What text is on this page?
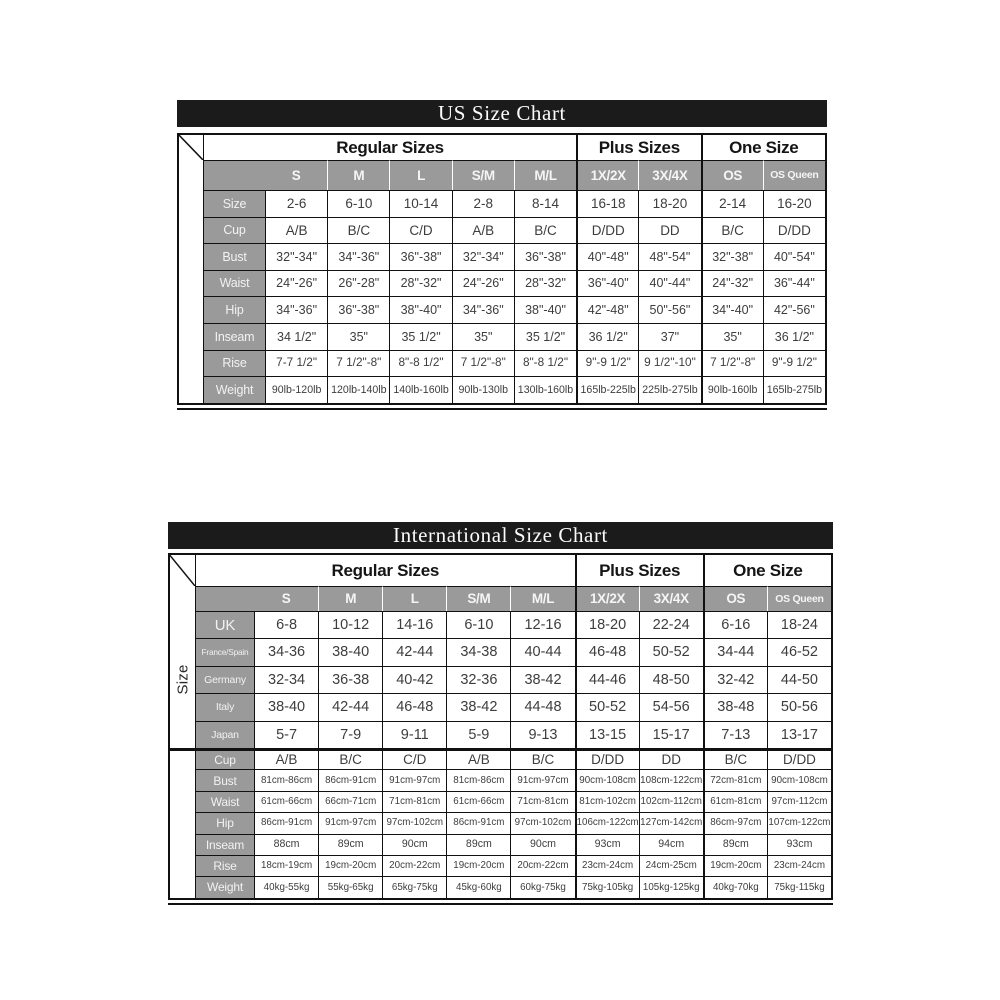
US Size Chart
Regular Sizes	Plus Sizes	One Size
S	M	L	S/M	M/L	1X/2X	3X/4X	OS	OS Queen
Size	2-6	6-10	10-14	2-8	8-14	16-18	18-20	2-14	16-20
Cup	A/B	B/C	C/D	A/B	B/C	D/DD	DD	B/C	D/DD
Bust	32"-34"	34"-36"	36"-38"	32"-34"	36"-38"	40"-48"	48"-54"	32"-38"	40"-54"
Waist	24"-26"	26"-28"	28"-32"	24"-26"	28"-32"	36"-40"	40"-44"	24"-32"	36"-44"
Hip	34"-36"	36"-38"	38"-40"	34"-36"	38"-40"	42"-48"	50"-56"	34"-40"	42"-56"
Inseam	34 1/2"	35"	35 1/2"	35"	35 1/2"	36 1/2"	37"	35"	36 1/2"
Rise	7-7 1/2"	7 1/2"-8"	8"-8 1/2"	7 1/2"-8"	8"-8 1/2"	9"-9 1/2"	9 1/2"-10"	7 1/2"-8"	9"-9 1/2"
Weight	90lb-120lb 120lb-140lb 140lb-160lb 90lb-130lb 130lb-160lb 165lb-225lb 225lb-275lb 90lb-160lb 165lb-275lb
International Size Chart
Size
Regular Sizes	Plus Sizes	One Size
S	M	L	S/M	M/L	1X/2X	3X/4X	OS	OS Queen
UK	6-8	10-12	14-16	6-10	12-16	18-20	22-24	6-16	18-24
France/Spain	34-36	38-40	42-44	34-38	40-44	46-48	50-52	34-44	46-52
Germany	32-34	36-38	40-42	32-36	38-42	44-46	48-50	32-42	44-50
Italy	38-40	42-44	46-48	38-42	44-48	50-52	54-56	38-48	50-56
Japan	5-7	7-9	9-11	5-9	9-13	13-15	15-17	7-13	13-17
Cup	A/B	B/C	C/D	A/B	B/C	D/DD	DD	B/C	D/DD
Bust	81cm-86cm	86cm-91cm	91cm-97cm	81cm-86cm	91cm-97cm	90cm-108cm 108cm-122cm 72cm-81cm 90cm-108cm
Waist	61cm-66cm	66cm-71cm	71cm-81cm	61cm-66cm	71cm-81cm	81cm-102cm 102cm-112cm 61cm-81cm	97cm-112cm
Hip	86cm-91cm	91cm-97cm	97cm-102cm	86cm-91cm	97cm-102cm 106cm-122cm 127cm-142cm 86cm-97cm 107cm-122cm
Inseam	88cm	89cm	90cm	89cm	90cm	93cm	94cm	89cm	93cm
Rise	18cm-19cm	19cm-20cm	20cm-22cm	19cm-20cm	20cm-22cm	23cm-24cm	24cm-25cm	19cm-20cm	23cm-24cm
Weight	40kg-55kg	55kg-65kg	65kg-75kg	45kg-60kg	60kg-75kg	75kg-105kg 105kg-125kg	40kg-70kg	75kg-115kg
